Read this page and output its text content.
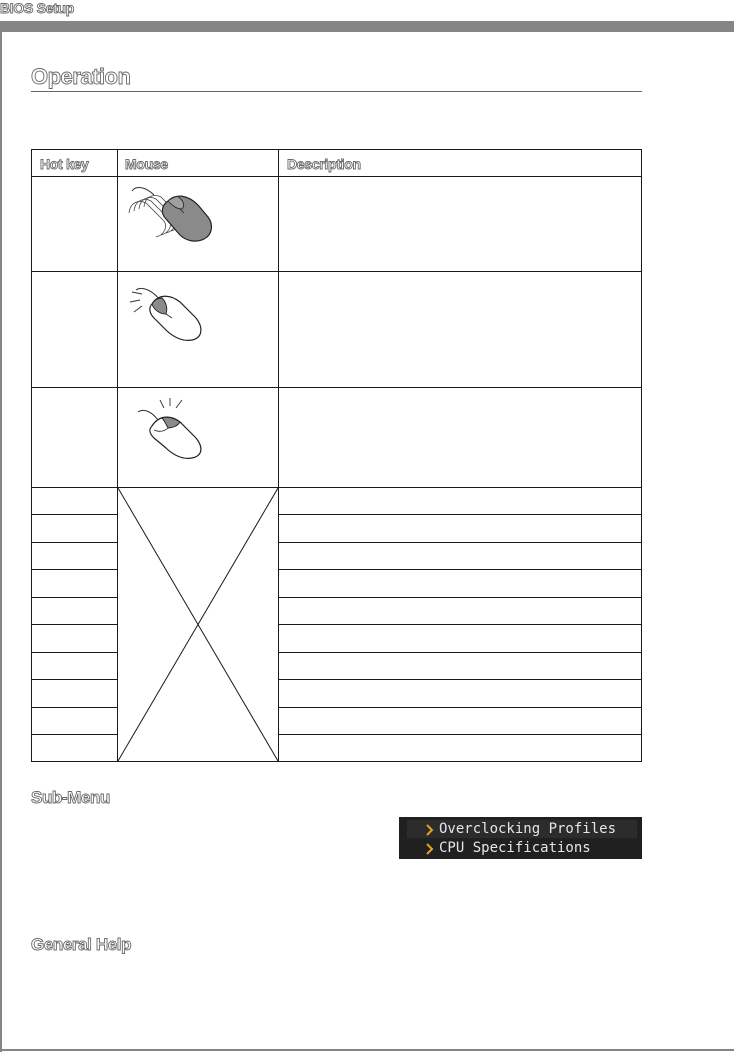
BIOS Setup
Operation
Hot key	Mouse	Description
Sub-Menu
Overclocking Profiles
CPU Specifications
General Help
